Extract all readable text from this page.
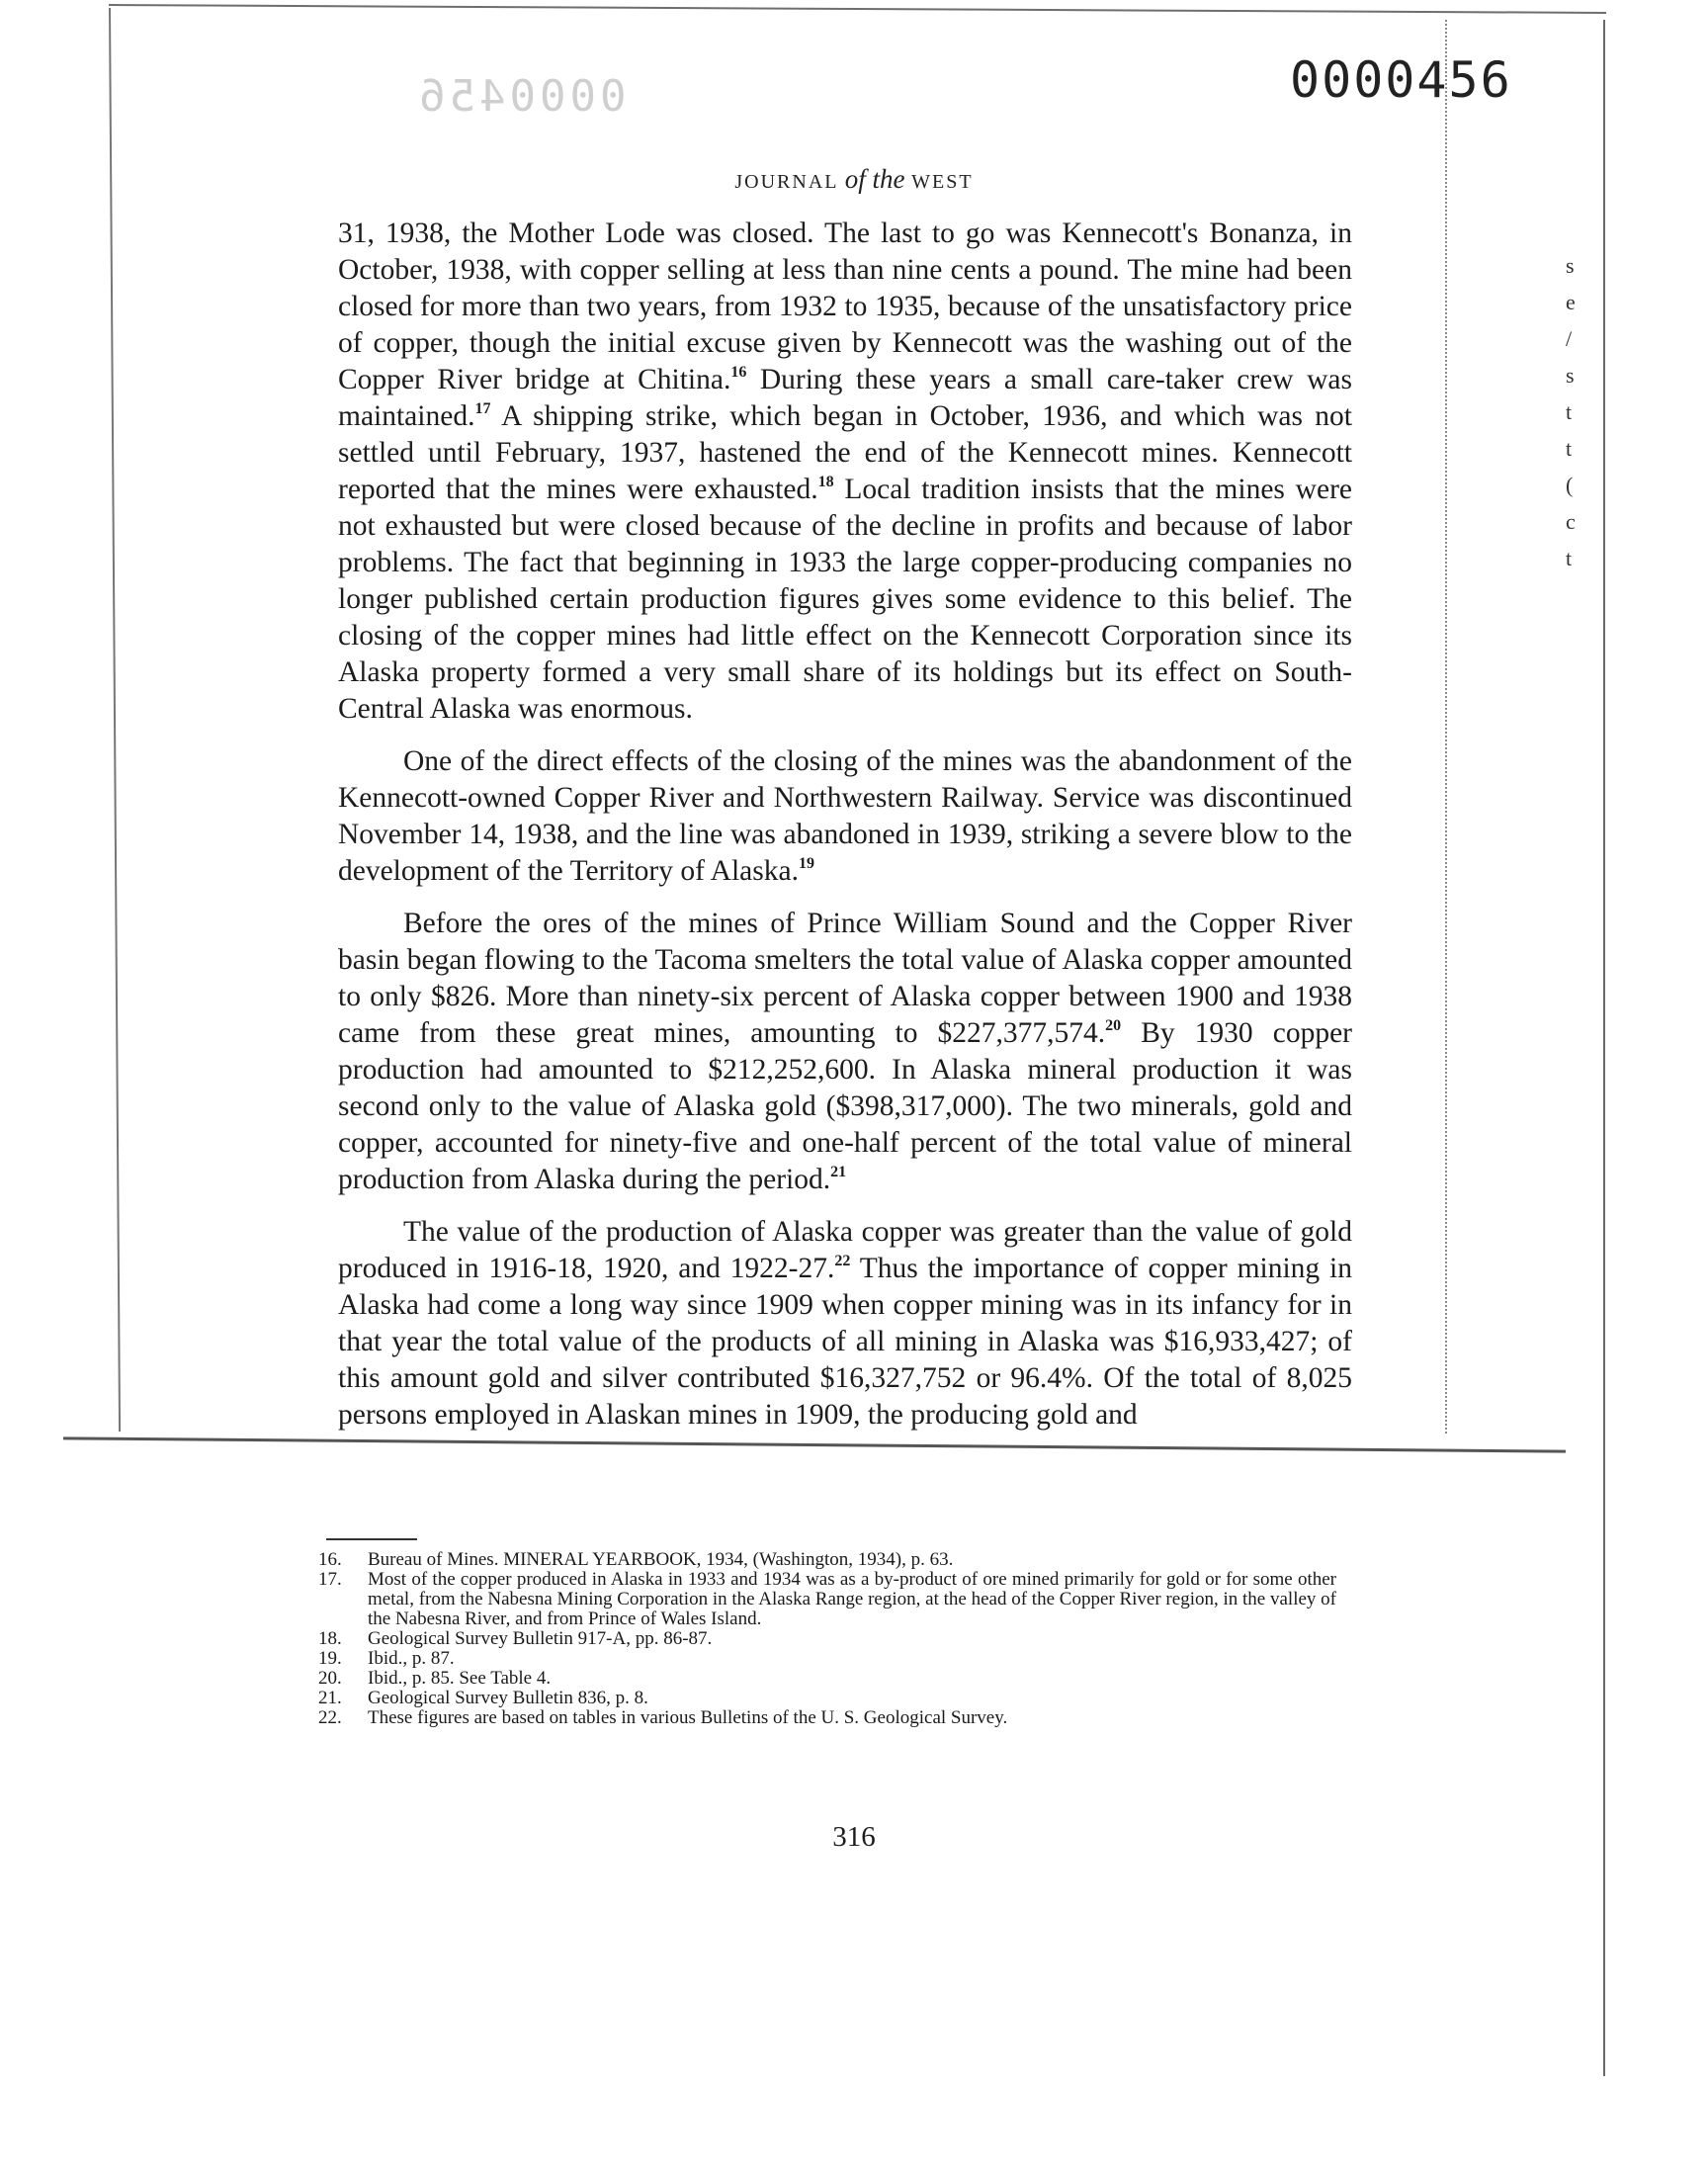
0000456	0000456
JOURNAL of the WEST

31, 1938, the Mother Lode was closed. The last to go was Kennecott's Bonanza, in October, 1938, with copper selling at less than nine cents a pound. The mine had been closed for more than two years, from 1932 to 1935, because of the unsatisfactory price of copper, though the initial excuse given by Kennecott was the washing out of the Copper River bridge at Chitina.$^{16}$ During these years a small care-taker crew was maintained.$^{17}$ A shipping strike, which began in October, 1936, and which was not settled until February, 1937, hastened the end of the Kennecott mines. Kennecott reported that the mines were exhausted.$^{18}$ Local tradition insists that the mines were not exhausted but were closed because of the decline in profits and because of labor problems. The fact that beginning in 1933 the large copper-producing companies no longer published certain production figures gives some evidence to this belief. The closing of the copper mines had little effect on the Kennecott Corporation since its Alaska property formed a very small share of its holdings but its effect on South-Central Alaska was enormous.

One of the direct effects of the closing of the mines was the abandonment of the Kennecott-owned Copper River and Northwestern Railway. Service was discontinued November 14, 1938, and the line was abandoned in 1939, striking a severe blow to the development of the Territory of Alaska.$^{19}$

Before the ores of the mines of Prince William Sound and the Copper River basin began flowing to the Tacoma smelters the total value of Alaska copper amounted to only $826. More than ninety-six percent of Alaska copper between 1900 and 1938 came from these great mines, amounting to $227,377,574.20 By 1930 copper production had amounted to $212,252,600. In Alaska mineral production it was second only to the value of Alaska gold ($398,317,000). The two minerals, gold and copper, accounted for ninety-five and one-half percent of the total value of mineral production from Alaska during the period.$^{21}$

The value of the production of Alaska copper was greater than the value of gold produced in 1916-18, 1920, and 1922-27.22 Thus the importance of copper mining in Alaska had come a long way since 1909 when copper mining was in its infancy for in that year the total value of the products of all mining in Alaska was $16,933,427; of this amount gold and silver contributed $16,327,752 or 96.4%. Of the total of 8,025 persons employed in Alaskan mines in 1909, the producing gold and

16.	Bureau of Mines. MINERAL YEARBOOK, 1934, (Washington, 1934), p. 63.
17.	Most of the copper produced in Alaska in 1933 and 1934 was as a by-product of ore mined primarily for gold or for some other metal, from the Nabesna Mining Corporation in the Alaska Range region, at the head of the Copper River region, in the valley of the Nabesna River, and from Prince of Wales Island.
18.	Geological Survey Bulletin 917-A, pp. 86-87.
19.	Ibid., p. 87.
20.	Ibid., p. 85. See Table 4.
21.	Geological Survey Bulletin 836, p. 8.
22.	These figures are based on tables in various Bulletins of the U. S. Geological Survey.
316
s
e
/
s
t
t
(
c
t
